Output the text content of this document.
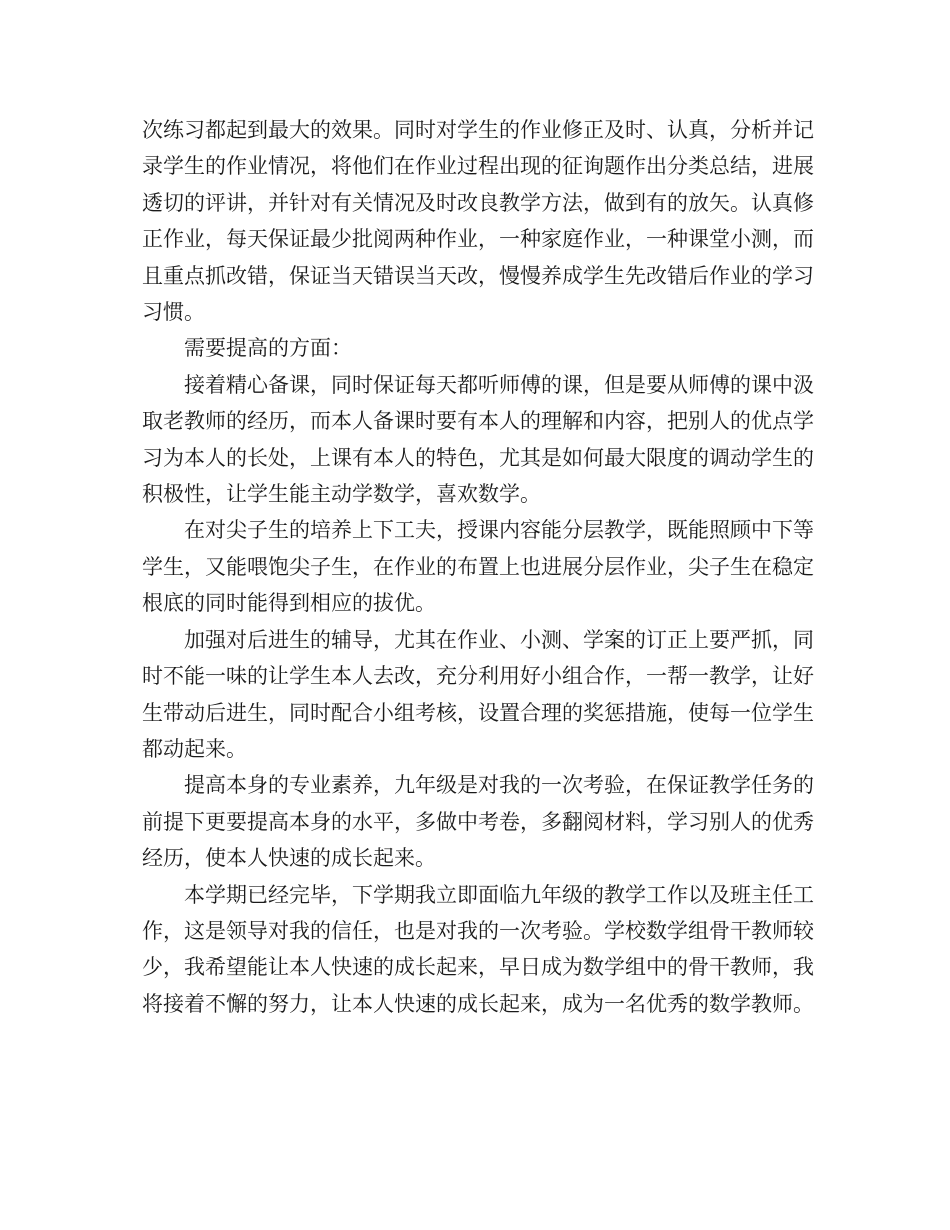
次练习都起到最大的效果。同时对学生的作业修正及时、认真，分析并记录学生的作业情况，将他们在作业过程出现的征询题作出分类总结，进展透切的评讲，并针对有关情况及时改良教学方法，做到有的放矢。认真修正作业，每天保证最少批阅两种作业，一种家庭作业，一种课堂小测，而且重点抓改错，保证当天错误当天改，慢慢养成学生先改错后作业的学习习惯。

需要提高的方面：

接着精心备课，同时保证每天都听师傅的课，但是要从师傅的课中汲取老教师的经历，而本人备课时要有本人的理解和内容，把别人的优点学习为本人的长处，上课有本人的特色，尤其是如何最大限度的调动学生的积极性，让学生能主动学数学，喜欢数学。

在对尖子生的培养上下工夫，授课内容能分层教学，既能照顾中下等学生，又能喂饱尖子生，在作业的布置上也进展分层作业，尖子生在稳定根底的同时能得到相应的拔优。

加强对后进生的辅导，尤其在作业、小测、学案的订正上要严抓，同时不能一味的让学生本人去改，充分利用好小组合作，一帮一教学，让好生带动后进生，同时配合小组考核，设置合理的奖惩措施，使每一位学生都动起来。

提高本身的专业素养，九年级是对我的一次考验，在保证教学任务的前提下更要提高本身的水平，多做中考卷，多翻阅材料，学习别人的优秀经历，使本人快速的成长起来。

本学期已经完毕，下学期我立即面临九年级的教学工作以及班主任工作，这是领导对我的信任，也是对我的一次考验。学校数学组骨干教师较少，我希望能让本人快速的成长起来，早日成为数学组中的骨干教师，我将接着不懈的努力，让本人快速的成长起来，成为一名优秀的数学教师。
